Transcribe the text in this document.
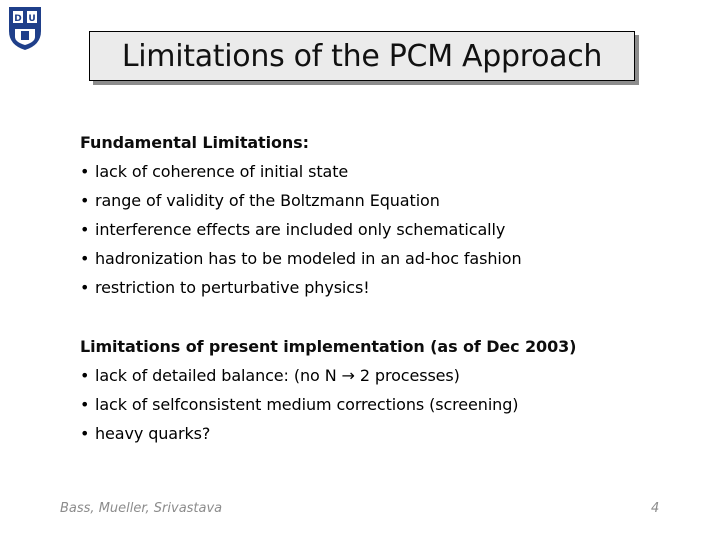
D U
Limitations of the PCM Approach
Fundamental Limitations:
• lack of coherence of initial state
• range of validity of the Boltzmann Equation
• interference effects are included only schematically
• hadronization has to be modeled in an ad-hoc fashion
• restriction to perturbative physics!
Limitations of present implementation (as of Dec 2003)
• lack of detailed balance: (no N → 2 processes)
• lack of selfconsistent medium corrections (screening)
• heavy quarks?
Bass, Mueller, Srivastava	4
